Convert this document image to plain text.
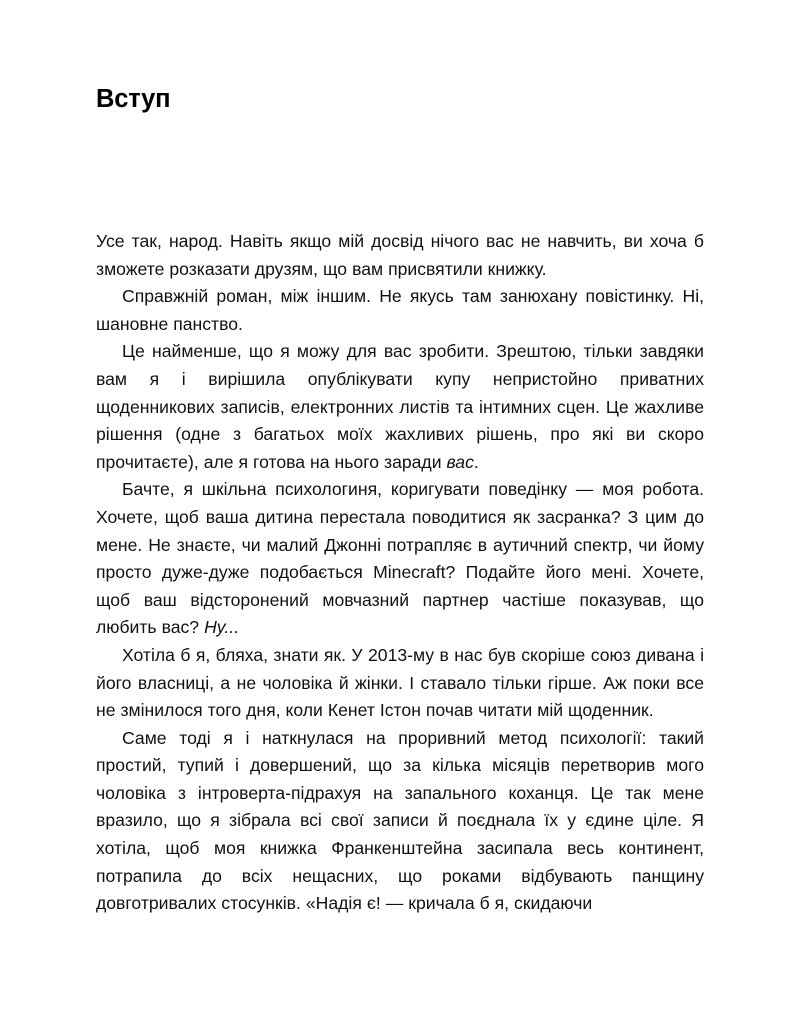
Вступ

Усе так, народ. Навіть якщо мій досвід нічого вас не навчить, ви хоча б зможете розказати друзям, що вам присвятили книжку.

Справжній роман, між іншим. Не якусь там занюхану повістинку. Ні, шановне панство.

Це найменше, що я можу для вас зробити. Зрештою, тільки завдяки вам я і вирішила опублікувати купу непристойно приватних щоденникових записів, електронних листів та інтимних сцен. Це жахливе рішення (одне з багатьох моїх жахливих рішень, про які ви скоро прочитаєте), але я готова на нього заради вас.

Бачте, я шкільна психологиня, коригувати поведінку — моя робота. Хочете, щоб ваша дитина перестала поводитися як засранка? З цим до мене. Не знаєте, чи малий Джонні потрапляє в аутичний спектр, чи йому просто дуже-дуже подобається Minecraft? Подайте його мені. Хочете, щоб ваш відсторонений мовчазний партнер частіше показував, що любить вас? Ну...

Хотіла б я, бляха, знати як. У 2013-му в нас був скоріше союз дивана і його власниці, а не чоловіка й жінки. І ставало тільки гірше. Аж поки все не змінилося того дня, коли Кенет Істон почав читати мій щоденник.

Саме тоді я і наткнулася на проривний метод психології: такий простий, тупий і довершений, що за кілька місяців перетворив мого чоловіка з інтроверта-підрахуя на запального коханця. Це так мене вразило, що я зібрала всі свої записи й поєднала їх у єдине ціле. Я хотіла, щоб моя книжка Франкенштейна засипала весь континент, потрапила до всіх нещасних, що роками відбувають панщину довготривалих стосунків. «Надія є! — кричала б я, скидаючи
